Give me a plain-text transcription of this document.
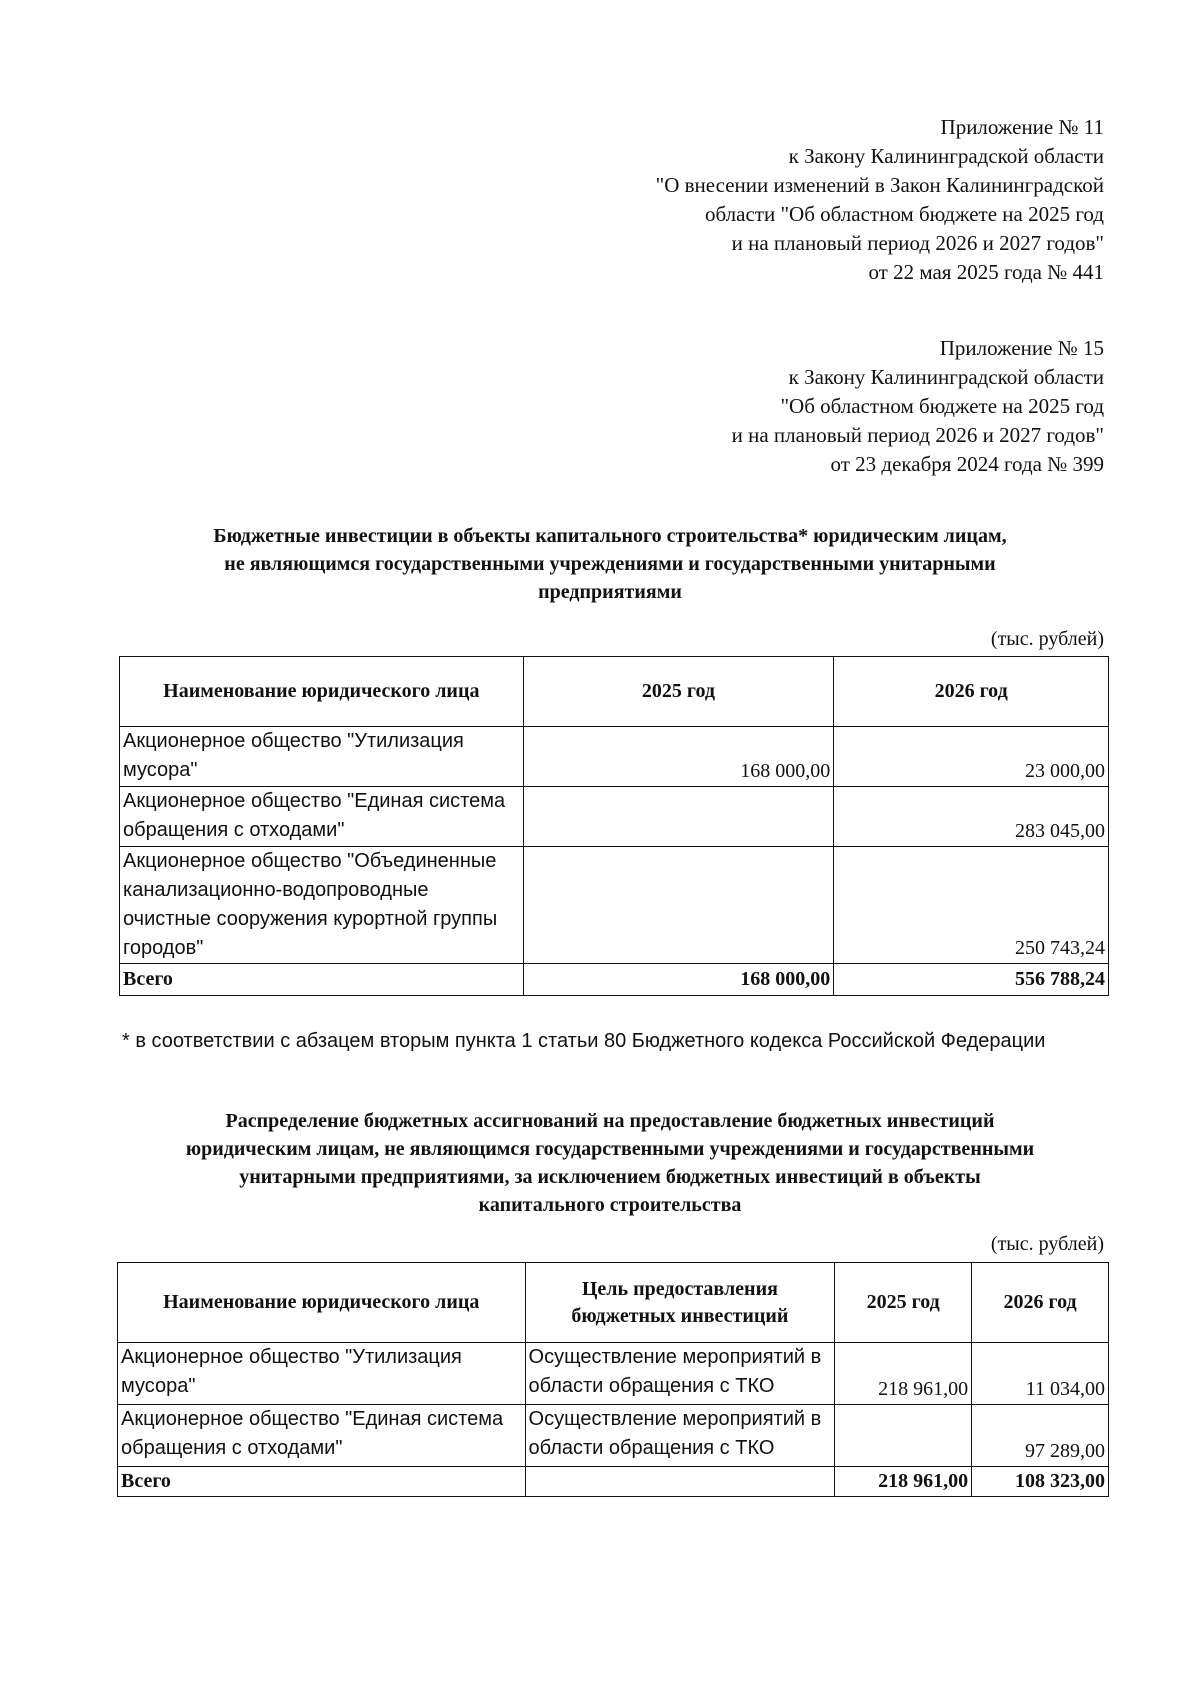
Приложение № 11
к Закону Калининградской области
"О внесении изменений в Закон Калининградской
области "Об областном бюджете на 2025 год
и на плановый период 2026 и 2027 годов"
от 22 мая 2025 года № 441
Приложение № 15
к Закону Калининградской области
"Об областном бюджете на 2025 год
и на плановый период 2026 и 2027 годов"
от 23 декабря 2024 года № 399
Бюджетные инвестиции в объекты капитального строительства* юридическим лицам,
не являющимся государственными учреждениями и государственными унитарными
предприятиями
(тыс. рублей)
Наименование юридического лица	2025 год	2026 год
Акционерное общество "Утилизация мусора"	168 000,00	23 000,00
Акционерное общество "Единая система обращения с отходами"		283 045,00
Акционерное общество "Объединенные канализационно-водопроводные очистные сооружения курортной группы городов"		250 743,24
Всего	168 000,00	556 788,24
* в соответствии с абзацем вторым пункта 1 статьи 80 Бюджетного кодекса Российской Федерации
Распределение бюджетных ассигнований на предоставление бюджетных инвестиций
юридическим лицам, не являющимся государственными учреждениями и государственными
унитарными предприятиями, за исключением бюджетных инвестиций в объекты
капитального строительства
(тыс. рублей)
Наименование юридического лица	Цель предоставления бюджетных инвестиций	2025 год	2026 год
Акционерное общество "Утилизация мусора"	Осуществление мероприятий в области обращения с ТКО	218 961,00	11 034,00
Акционерное общество "Единая система обращения с отходами"	Осуществление мероприятий в области обращения с ТКО		97 289,00
Всего		218 961,00	108 323,00
